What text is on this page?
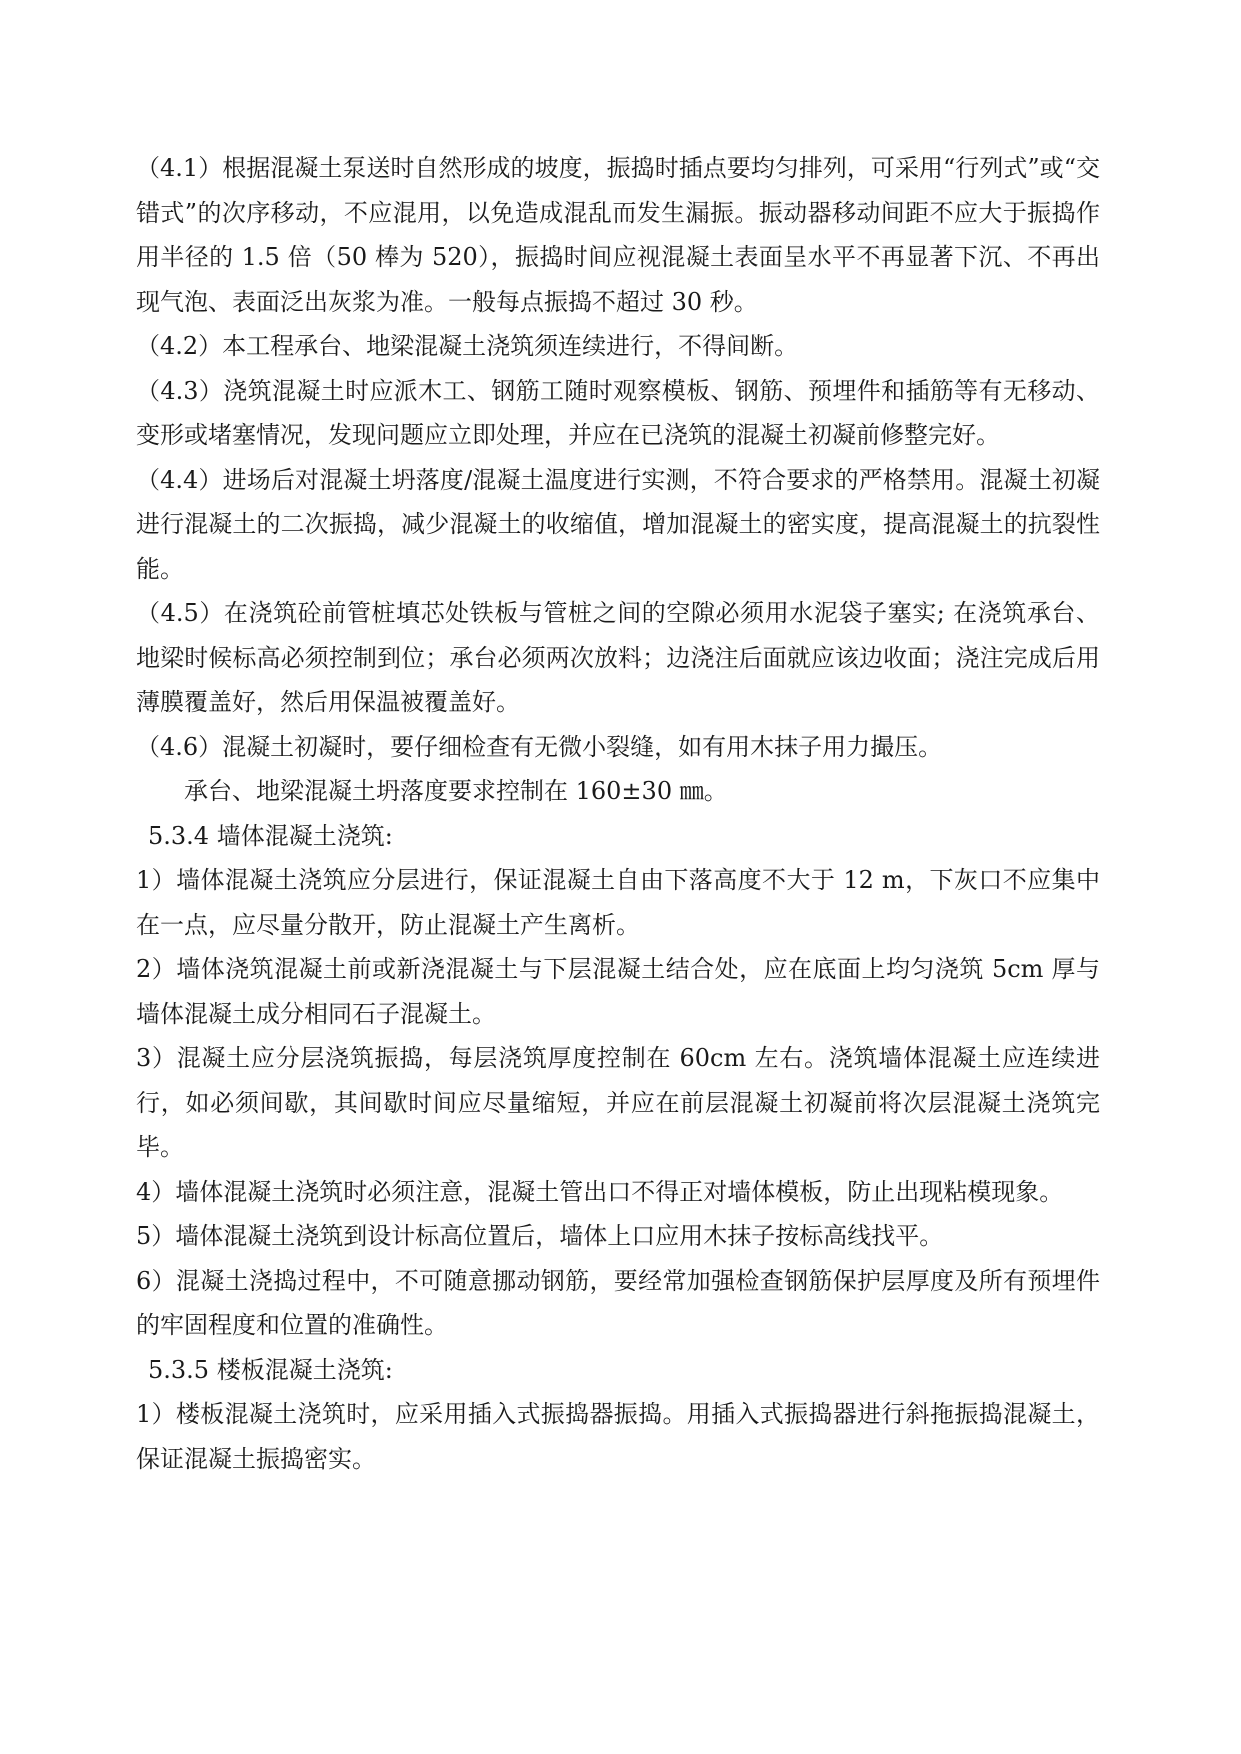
（4.1）根据混凝土泵送时自然形成的坡度，振捣时插点要均匀排列，可采用“行列式”或“交错式”的次序移动，不应混用，以免造成混乱而发生漏振。振动器移动间距不应大于振捣作用半径的 1.5 倍（50 棒为 520），振捣时间应视混凝土表面呈水平不再显著下沉、不再出现气泡、表面泛出灰浆为准。一般每点振捣不超过 30 秒。

（4.2）本工程承台、地梁混凝土浇筑须连续进行，不得间断。

（4.3）浇筑混凝土时应派木工、钢筋工随时观察模板、钢筋、预埋件和插筋等有无移动、变形或堵塞情况，发现问题应立即处理，并应在已浇筑的混凝土初凝前修整完好。

（4.4）进场后对混凝土坍落度/混凝土温度进行实测，不符合要求的严格禁用。混凝土初凝进行混凝土的二次振捣，减少混凝土的收缩值，增加混凝土的密实度，提高混凝土的抗裂性能。

（4.5）在浇筑砼前管桩填芯处铁板与管桩之间的空隙必须用水泥袋子塞实; 在浇筑承台、地梁时候标高必须控制到位；承台必须两次放料；边浇注后面就应该边收面；浇注完成后用薄膜覆盖好，然后用保温被覆盖好。

（4.6）混凝土初凝时，要仔细检查有无微小裂缝，如有用木抹子用力撮压。

承台、地梁混凝土坍落度要求控制在 160±30 ㎜。

5.3.4 墙体混凝土浇筑:

1）墙体混凝土浇筑应分层进行，保证混凝土自由下落高度不大于 12 m，下灰口不应集中在一点，应尽量分散开，防止混凝土产生离析。

2）墙体浇筑混凝土前或新浇混凝土与下层混凝土结合处，应在底面上均匀浇筑 5cm 厚与墙体混凝土成分相同石子混凝土。

3）混凝土应分层浇筑振捣，每层浇筑厚度控制在 60cm 左右。浇筑墙体混凝土应连续进行，如必须间歇，其间歇时间应尽量缩短，并应在前层混凝土初凝前将次层混凝土浇筑完毕。

4）墙体混凝土浇筑时必须注意，混凝土管出口不得正对墙体模板，防止出现粘模现象。

5）墙体混凝土浇筑到设计标高位置后，墙体上口应用木抹子按标高线找平。

6）混凝土浇捣过程中，不可随意挪动钢筋，要经常加强检查钢筋保护层厚度及所有预埋件的牢固程度和位置的准确性。

5.3.5 楼板混凝土浇筑:

1）楼板混凝土浇筑时，应采用插入式振捣器振捣。用插入式振捣器进行斜拖振捣混凝土，保证混凝土振捣密实。
